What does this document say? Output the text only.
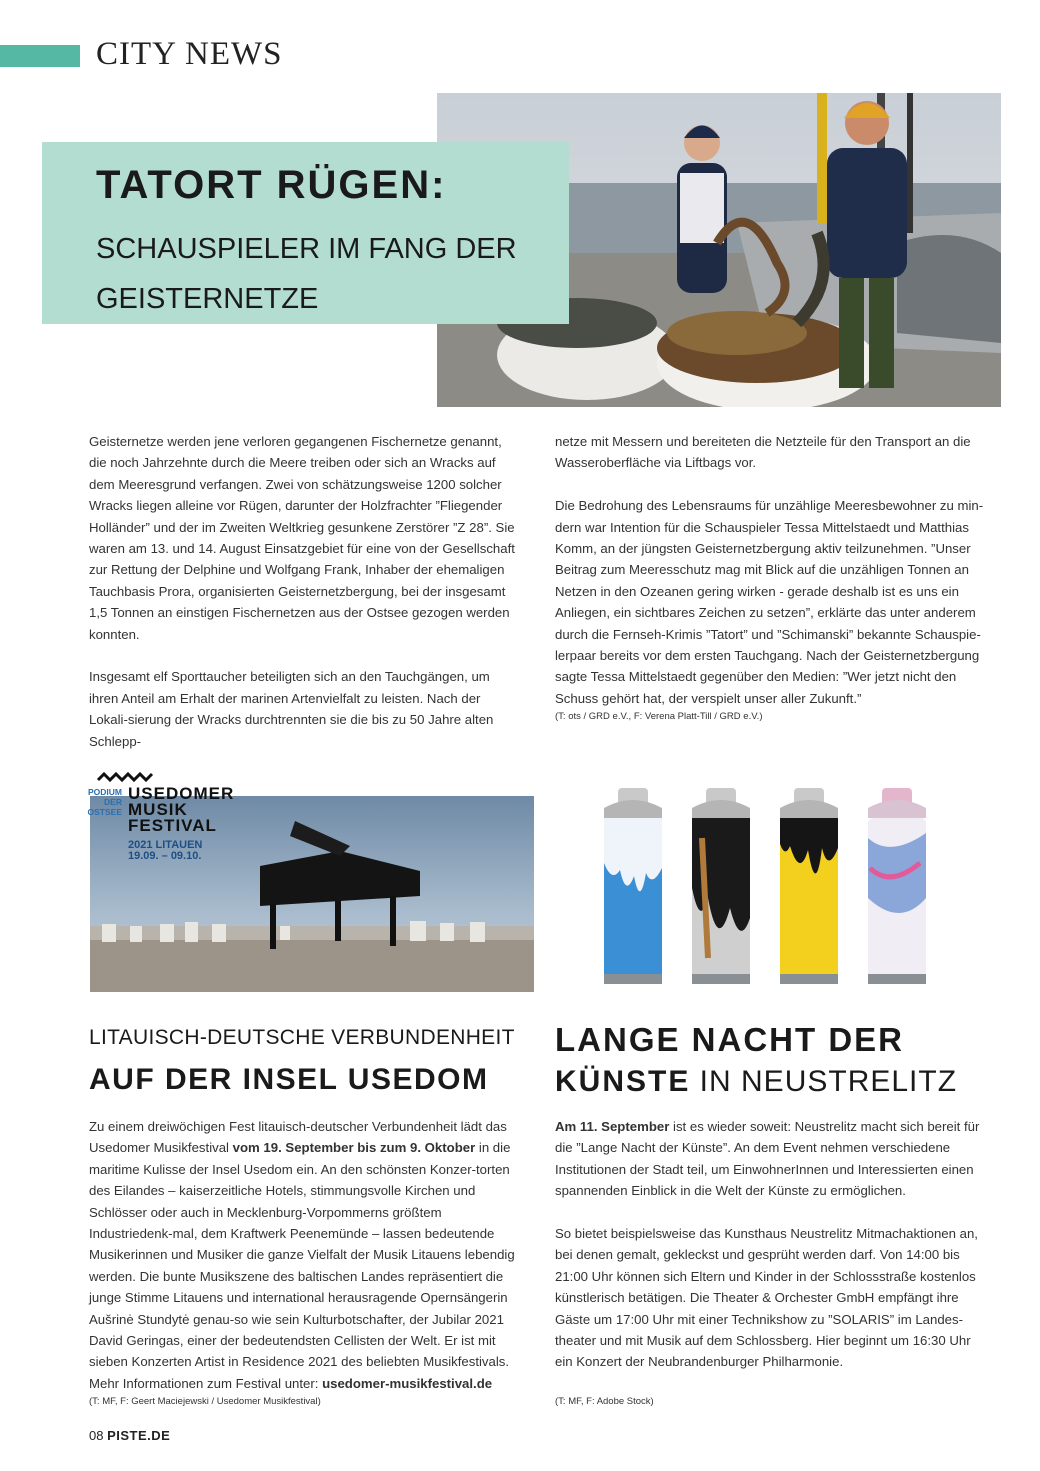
CITY NEWS
TATORT RÜGEN:
SCHAUSPIELER IM FANG DER GEISTERNETZE

Geisternetze werden jene verloren gegangenen Fischernetze genannt, die noch Jahrzehnte durch die Meere treiben oder sich an Wracks auf dem Meeresgrund verfangen. Zwei von schätzungsweise 1200 solcher Wracks liegen alleine vor Rügen, darunter der Holzfrachter ”Fliegender Holländer” und der im Zweiten Weltkrieg gesunkene Zerstörer ”Z 28”. Sie waren am 13. und 14. August Einsatzgebiet für eine von der Gesellschaft zur Rettung der Delphine und Wolfgang Frank, Inhaber der ehemaligen Tauchbasis Prora, organisierten Geisternetzbergung, bei der insgesamt 1,5 Tonnen an einstigen Fischernetzen aus der Ostsee gezogen werden konnten.

Insgesamt elf Sporttaucher beteiligten sich an den Tauchgängen, um ihren Anteil am Erhalt der marinen Artenvielfalt zu leisten. Nach der Lokali-sierung der Wracks durchtrennten sie die bis zu 50 Jahre alten Schlepp-

netze mit Messern und bereiteten die Netzteile für den Transport an die Wasseroberfläche via Liftbags vor.

Die Bedrohung des Lebensraums für unzählige Meeresbewohner zu min-dern war Intention für die Schauspieler Tessa Mittelstaedt und Matthias Komm, an der jüngsten Geisternetzbergung aktiv teilzunehmen. ”Unser Beitrag zum Meeresschutz mag mit Blick auf die unzähligen Tonnen an Netzen in den Ozeanen gering wirken - gerade deshalb ist es uns ein Anliegen, ein sichtbares Zeichen zu setzen”, erklärte das unter anderem durch die Fernseh-Krimis ”Tatort” und ”Schimanski” bekannte Schauspie-lerpaar bereits vor dem ersten Tauchgang. Nach der Geisternetzbergung sagte Tessa Mittelstaedt gegenüber den Medien: ”Wer jetzt nicht den Schuss gehört hat, der verspielt unser aller Zukunft.”

(T: ots / GRD e.V., F: Verena Platt-Till / GRD e.V.)
PODIUM
DER
OSTSEE
USEDOMER
MUSIK
FESTIVAL
2021 LITAUEN
19.09. – 09.10.
LITAUISCH-DEUTSCHE VERBUNDENHEIT
AUF DER INSEL USEDOM
Zu einem dreiwöchigen Fest litauisch-deutscher Verbundenheit lädt das Usedomer Musikfestival vom 19. September bis zum 9. Oktober in die maritime Kulisse der Insel Usedom ein. An den schönsten Konzer-torten des Eilandes – kaiserzeitliche Hotels, stimmungsvolle Kirchen und Schlösser oder auch in Mecklenburg-Vorpommerns größtem Industriedenk-mal, dem Kraftwerk Peenemünde – lassen bedeutende Musikerinnen und Musiker die ganze Vielfalt der Musik Litauens lebendig werden. Die bunte Musikszene des baltischen Landes repräsentiert die junge Stimme Litauens und international herausragende Opernsängerin Aušrinė Stundytė genau-so wie sein Kulturbotschafter, der Jubilar 2021 David Geringas, einer der bedeutendsten Cellisten der Welt. Er ist mit sieben Konzerten Artist in Residence 2021 des beliebten Musikfestivals. Mehr Informationen zum Festival unter: usedomer-musikfestival.de
(T: MF, F: Geert Maciejewski / Usedomer Musikfestival)
LANGE NACHT DER
KÜNSTE IN NEUSTRELITZ

Am 11. September ist es wieder soweit: Neustrelitz macht sich bereit für die ”Lange Nacht der Künste”. An dem Event nehmen verschiedene Institutionen der Stadt teil, um EinwohnerInnen und Interessierten einen spannenden Einblick in die Welt der Künste zu ermöglichen.

So bietet beispielsweise das Kunsthaus Neustrelitz Mitmachaktionen an, bei denen gemalt, gekleckst und gesprüht werden darf. Von 14:00 bis 21:00 Uhr können sich Eltern und Kinder in der Schlossstraße kostenlos künstlerisch betätigen. Die Theater & Orchester GmbH empfängt ihre Gäste um 17:00 Uhr mit einer Technikshow zu ”SOLARIS” im Landes-theater und mit Musik auf dem Schlossberg. Hier beginnt um 16:30 Uhr ein Konzert der Neubrandenburger Philharmonie.

(T: MF, F: Adobe Stock)
08 PISTE.DE
